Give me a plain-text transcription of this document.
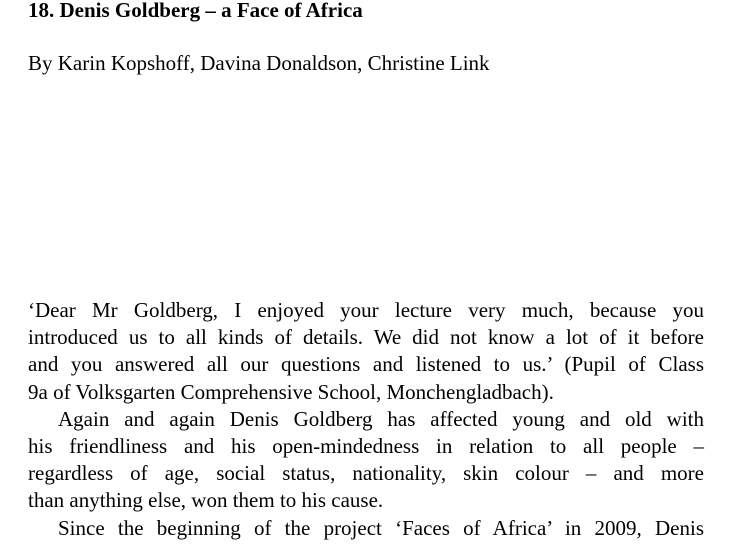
18. Denis Goldberg – a Face of Africa

By Karin Kopshoff, Davina Donaldson, Christine Link

‘Dear Mr Goldberg, I enjoyed your lecture very much, because you
introduced us to all kinds of details. We did not know a lot of it before
and you answered all our questions and listened to us.’ (Pupil of Class
9a of Volksgarten Comprehensive School, Monchengladbach).
Again and again Denis Goldberg has affected young and old with
his friendliness and his open-mindedness in relation to all people –
regardless of age, social status, nationality, skin colour – and more
than anything else, won them to his cause.
Since the beginning of the project ‘Faces of Africa’ in 2009, Denis
